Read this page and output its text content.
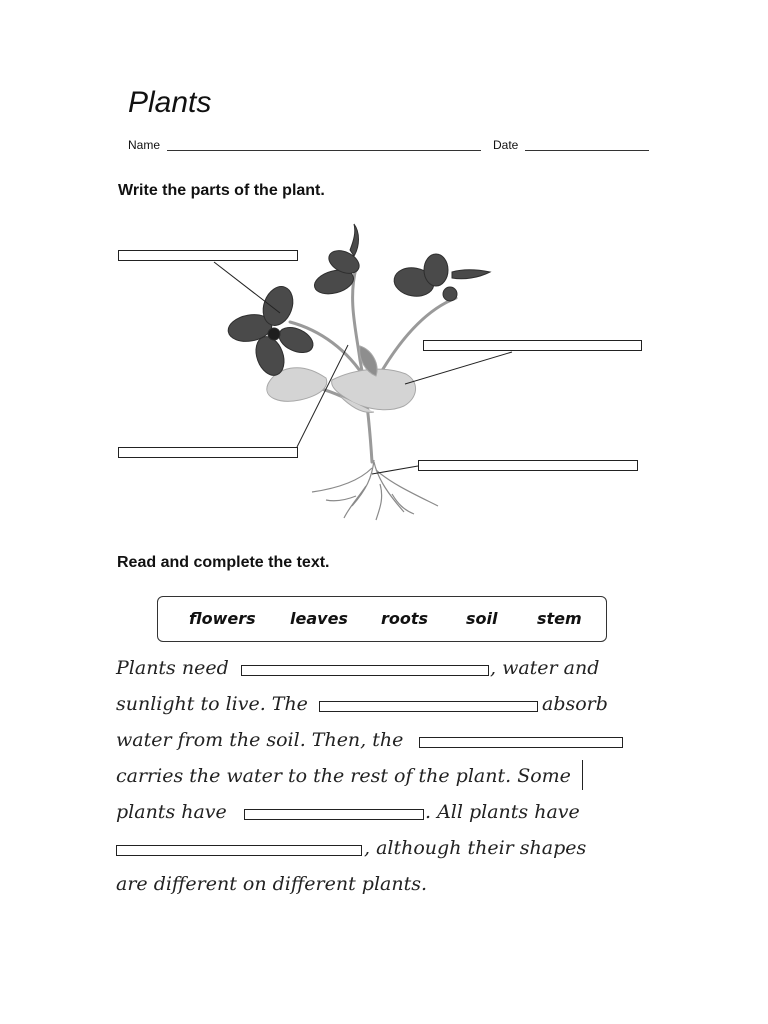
Plants
Name	Date
Write the parts of the plant.
Read and complete the text.
flowers leaves roots soil stem
Plants need	, water and
sunlight to live. The	absorb
water from the soil. Then, the
carries the water to the rest of the plant. Some
plants have	. All plants have
, although their shapes
are different on different plants.
